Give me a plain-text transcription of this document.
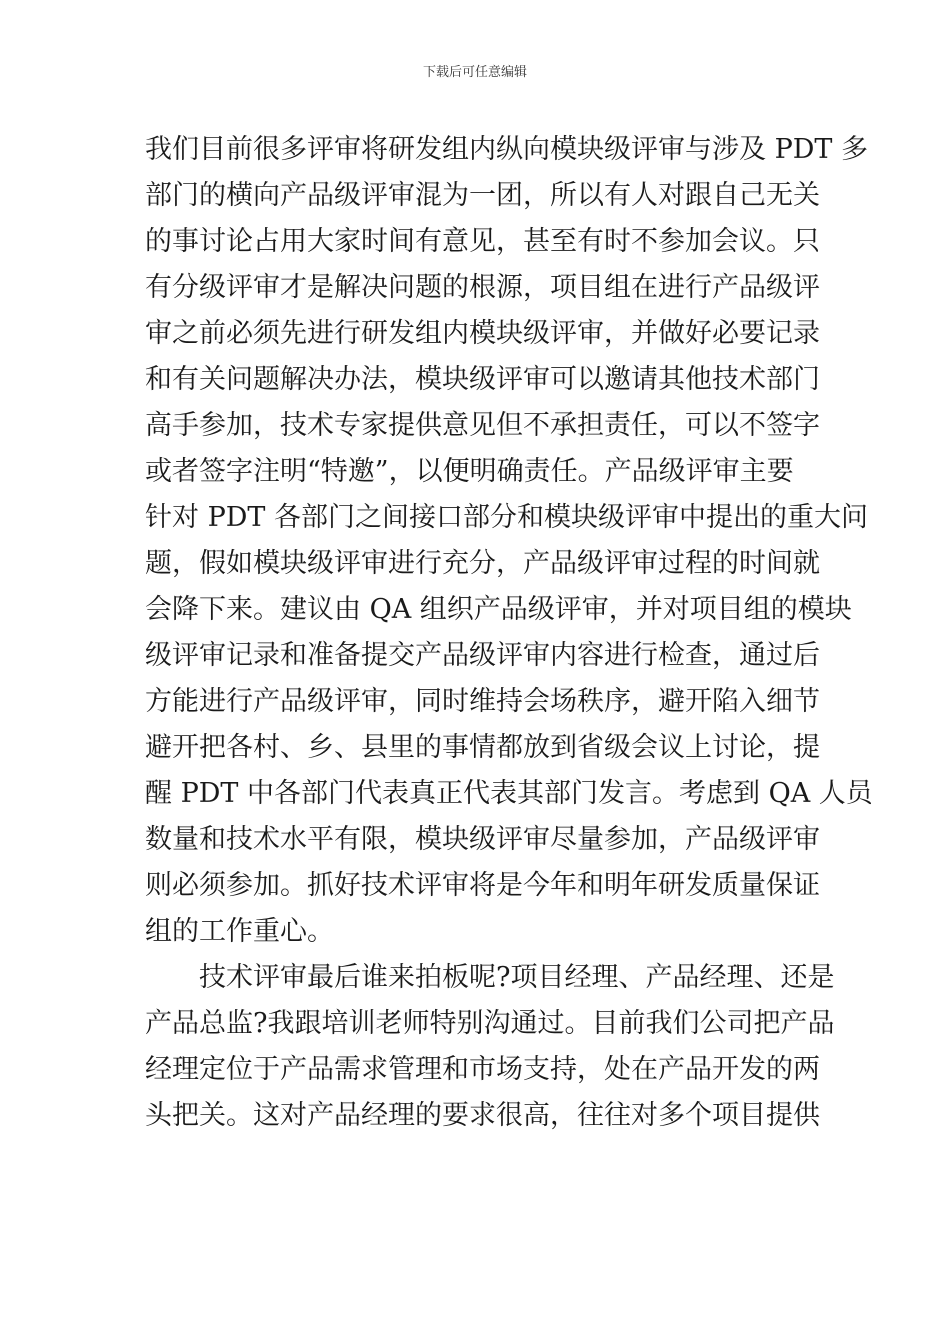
下载后可任意编辑
我们目前很多评审将研发组内纵向模块级评审与涉及 PDT 多
部门的横向产品级评审混为一团，所以有人对跟自己无关
的事讨论占用大家时间有意见，甚至有时不参加会议。只
有分级评审才是解决问题的根源，项目组在进行产品级评
审之前必须先进行研发组内模块级评审，并做好必要记录
和有关问题解决办法，模块级评审可以邀请其他技术部门
高手参加，技术专家提供意见但不承担责任，可以不签字
或者签字注明“特邀”，以便明确责任。产品级评审主要
针对 PDT 各部门之间接口部分和模块级评审中提出的重大问
题，假如模块级评审进行充分，产品级评审过程的时间就
会降下来。建议由 QA 组织产品级评审，并对项目组的模块
级评审记录和准备提交产品级评审内容进行检查，通过后
方能进行产品级评审，同时维持会场秩序，避开陷入细节
避开把各村、乡、县里的事情都放到省级会议上讨论，提
醒 PDT 中各部门代表真正代表其部门发言。考虑到 QA 人员
数量和技术水平有限，模块级评审尽量参加，产品级评审
则必须参加。抓好技术评审将是今年和明年研发质量保证
组的工作重心。
技术评审最后谁来拍板呢?项目经理、产品经理、还是
产品总监?我跟培训老师特别沟通过。目前我们公司把产品
经理定位于产品需求管理和市场支持，处在产品开发的两
头把关。这对产品经理的要求很高，往往对多个项目提供
